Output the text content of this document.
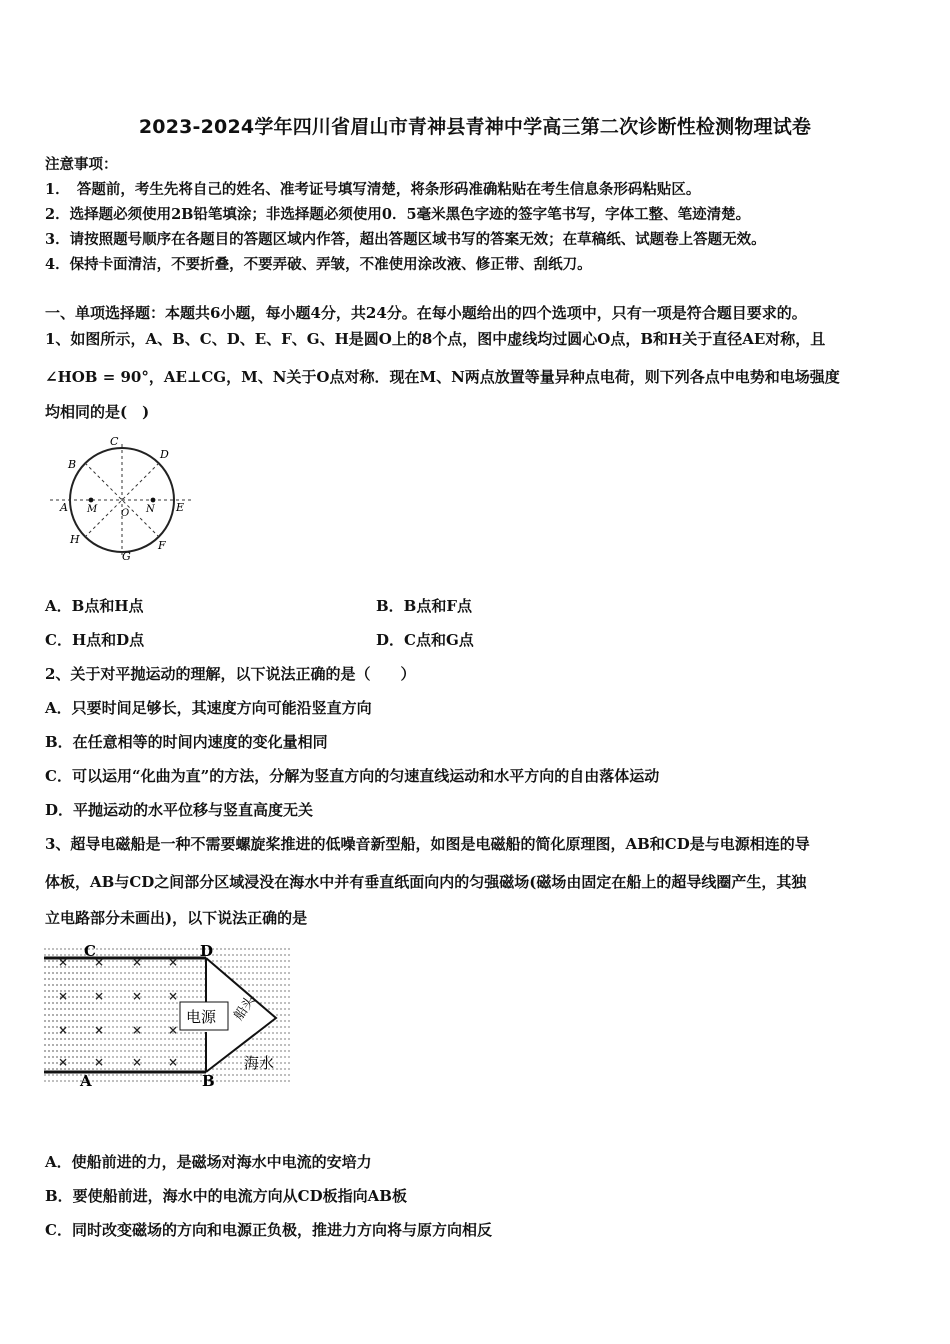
2023-2024学年四川省眉山市青神县青神中学高三第二次诊断性检测物理试卷
注意事项：
1．　答题前，考生先将自己的姓名、准考证号填写清楚，将条形码准确粘贴在考生信息条形码粘贴区。
2．选择题必须使用2B铅笔填涂；非选择题必须使用0．5毫米黑色字迹的签字笔书写，字体工整、笔迹清楚。
3．请按照题号顺序在各题目的答题区域内作答，超出答题区域书写的答案无效；在草稿纸、试题卷上答题无效。
4．保持卡面清洁，不要折叠，不要弄破、弄皱，不准使用涂改液、修正带、刮纸刀。
一、单项选择题：本题共6小题，每小题4分，共24分。在每小题给出的四个选项中，只有一项是符合题目要求的。
1、如图所示，A、B、C、D、E、F、G、H是圆O上的8个点，图中虚线均过圆心O点，B和H关于直径AE对称，且
∠HOB = 90°，AE⊥CG，M、N关于O点对称．现在M、N两点放置等量异种点电荷，则下列各点中电势和电场强度
均相同的是(　)
A
B
C
D
E
F
G
H
M	N
O
A．B点和H点	B．B点和F点
C．H点和D点	D．C点和G点
2、关于对平抛运动的理解，以下说法正确的是（　　）
A．只要时间足够长，其速度方向可能沿竖直方向
B．在任意相等的时间内速度的变化量相同
C．可以运用“化曲为直”的方法，分解为竖直方向的匀速直线运动和水平方向的自由落体运动
D．平抛运动的水平位移与竖直高度无关
3、超导电磁船是一种不需要螺旋桨推进的低噪音新型船，如图是电磁船的简化原理图，AB和CD是与电源相连的导
体板，AB与CD之间部分区域浸没在海水中并有垂直纸面向内的匀强磁场(磁场由固定在船上的超导线圈产生，其独
立电路部分未画出)，以下说法正确的是
电源 船头
海水
× × × ×
× × × ×
× × × ×
× × × ×
C	D
A	B
A．使船前进的力，是磁场对海水中电流的安培力
B．要使船前进，海水中的电流方向从CD板指向AB板
C．同时改变磁场的方向和电源正负极，推进力方向将与原方向相反
